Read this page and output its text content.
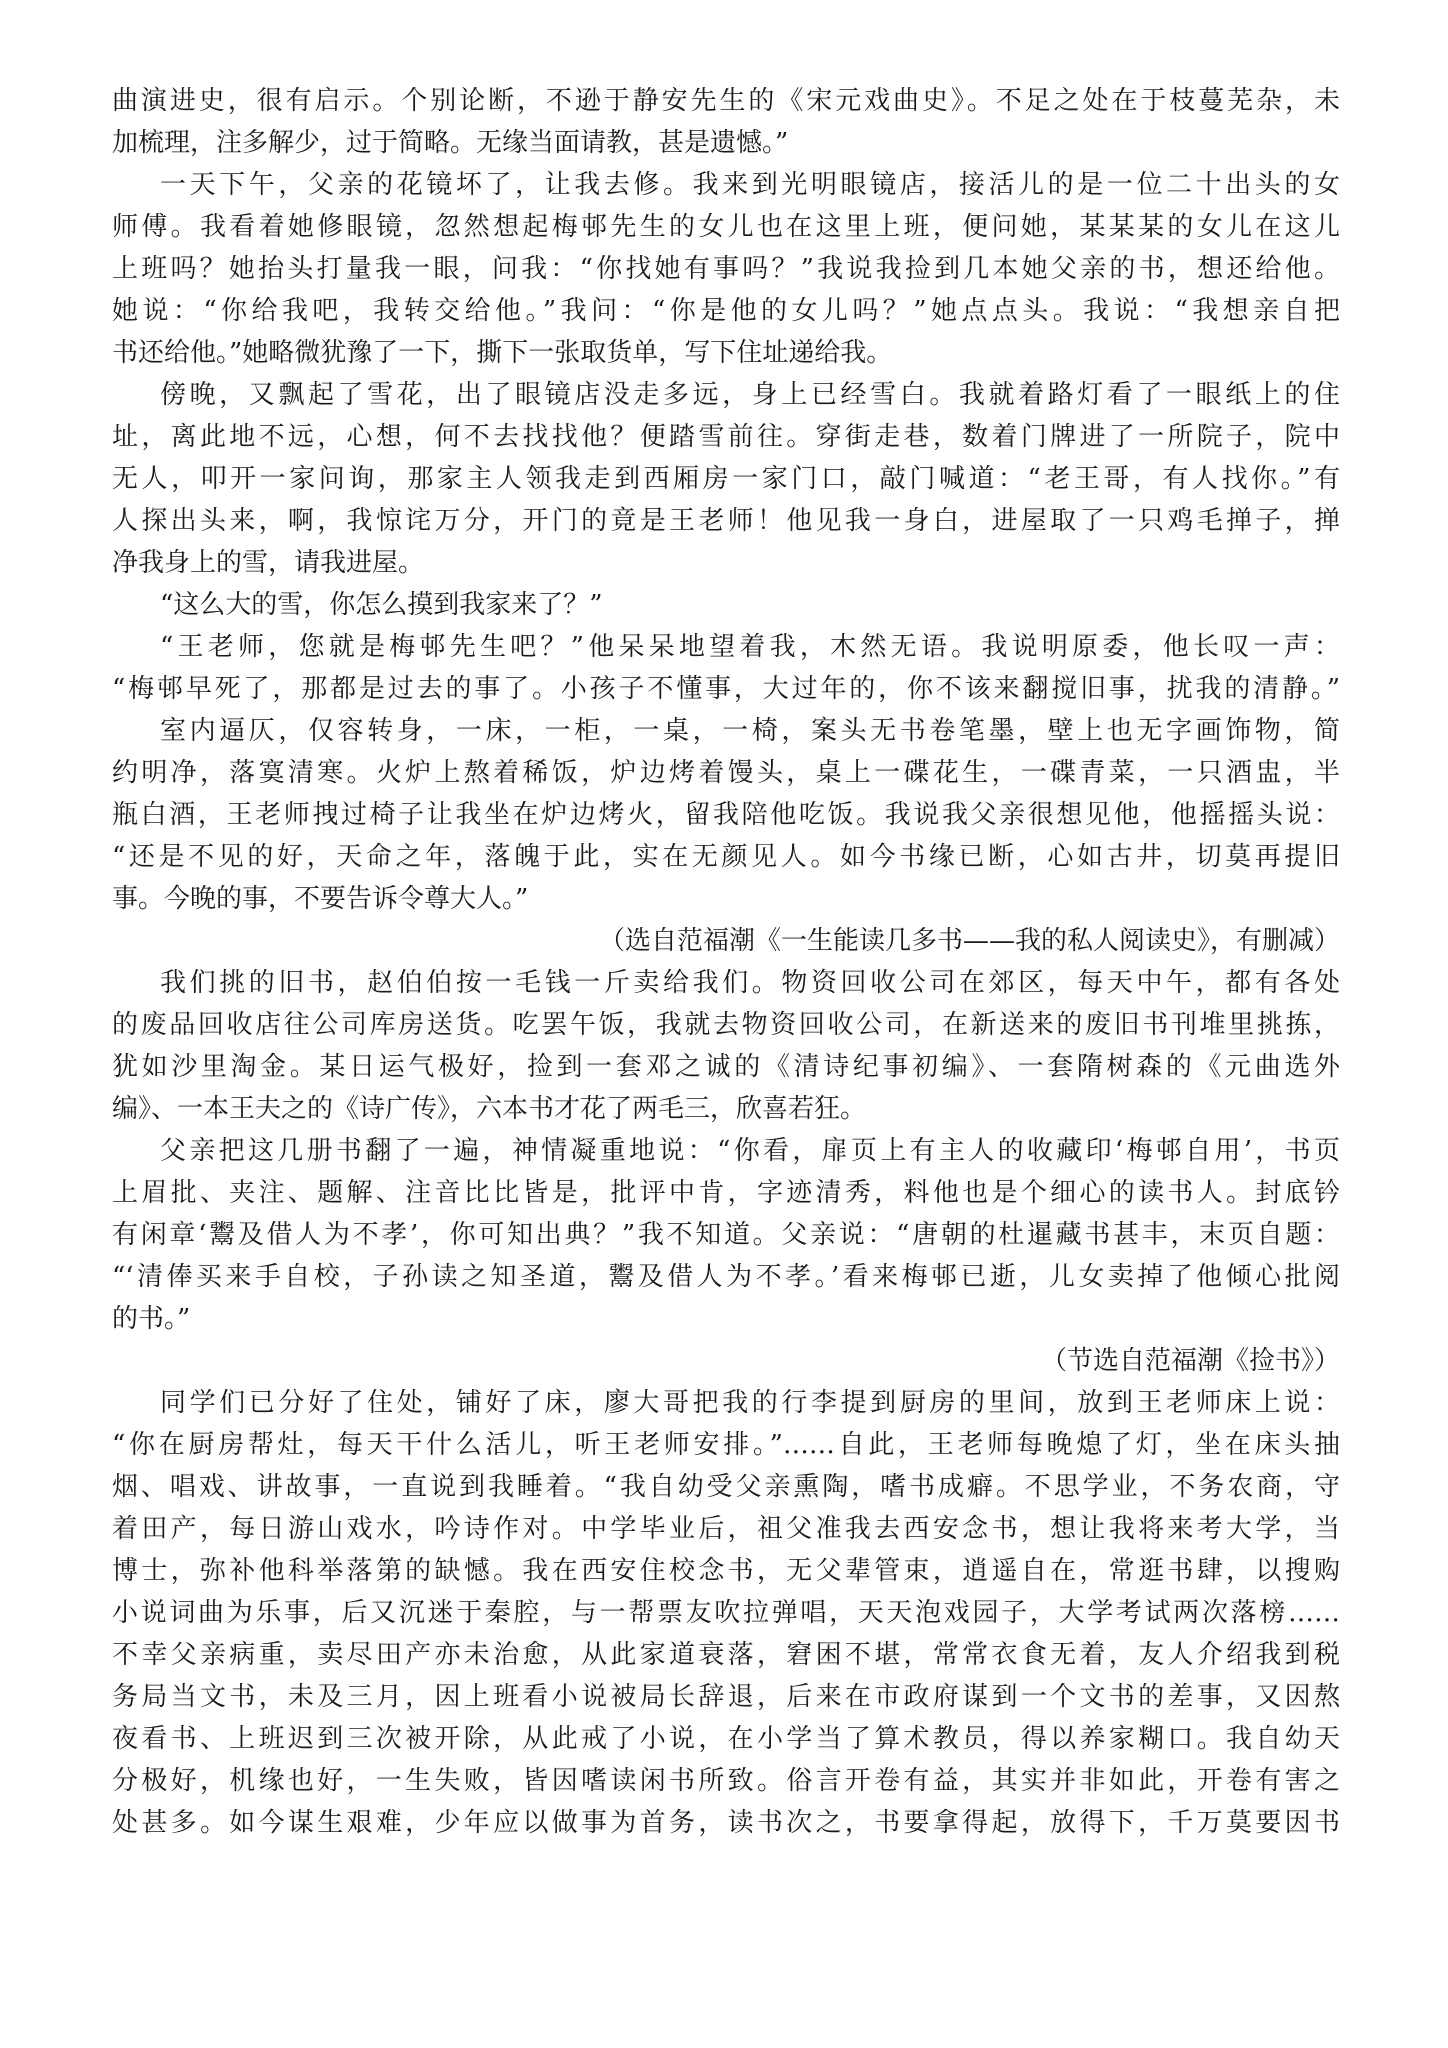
曲演进史，很有启示。个别论断，不逊于静安先生的《宋元戏曲史》。不足之处在于枝蔓芜杂，未
加梳理，注多解少，过于简略。无缘当面请教，甚是遗憾。”
一天下午，父亲的花镜坏了，让我去修。我来到光明眼镜店，接活儿的是一位二十出头的女
师傅。我看着她修眼镜，忽然想起梅邨先生的女儿也在这里上班，便问她，某某某的女儿在这儿
上班吗？她抬头打量我一眼，问我：“你找她有事吗？”我说我捡到几本她父亲的书，想还给他。
她说：“你给我吧，我转交给他。”我问：“你是他的女儿吗？”她点点头。我说：“我想亲自把
书还给他。”她略微犹豫了一下，撕下一张取货单，写下住址递给我。
傍晚，又飘起了雪花，出了眼镜店没走多远，身上已经雪白。我就着路灯看了一眼纸上的住
址，离此地不远，心想，何不去找找他？便踏雪前往。穿街走巷，数着门牌进了一所院子，院中
无人，叩开一家问询，那家主人领我走到西厢房一家门口，敲门喊道：“老王哥，有人找你。”有
人探出头来，啊，我惊诧万分，开门的竟是王老师！他见我一身白，进屋取了一只鸡毛掸子，掸
净我身上的雪，请我进屋。
“这么大的雪，你怎么摸到我家来了？”
“王老师，您就是梅邨先生吧？”他呆呆地望着我，木然无语。我说明原委，他长叹一声：
“梅邨早死了，那都是过去的事了。小孩子不懂事，大过年的，你不该来翻搅旧事，扰我的清静。”
室内逼仄，仅容转身，一床，一柜，一桌，一椅，案头无书卷笔墨，壁上也无字画饰物，简
约明净，落寞清寒。火炉上熬着稀饭，炉边烤着馒头，桌上一碟花生，一碟青菜，一只酒盅，半
瓶白酒，王老师拽过椅子让我坐在炉边烤火，留我陪他吃饭。我说我父亲很想见他，他摇摇头说：
“还是不见的好，天命之年，落魄于此，实在无颜见人。如今书缘已断，心如古井，切莫再提旧
事。今晚的事，不要告诉令尊大人。”
（选自范福潮《一生能读几多书——我的私人阅读史》，有删减）
我们挑的旧书，赵伯伯按一毛钱一斤卖给我们。物资回收公司在郊区，每天中午，都有各处
的废品回收店往公司库房送货。吃罢午饭，我就去物资回收公司，在新送来的废旧书刊堆里挑拣，
犹如沙里淘金。某日运气极好，捡到一套邓之诚的《清诗纪事初编》、一套隋树森的《元曲选外
编》、一本王夫之的《诗广传》，六本书才花了两毛三，欣喜若狂。
父亲把这几册书翻了一遍，神情凝重地说：“你看，扉页上有主人的收藏印‘梅邨自用’，书页
上眉批、夹注、题解、注音比比皆是，批评中肯，字迹清秀，料他也是个细心的读书人。封底钤
有闲章‘鬻及借人为不孝’，你可知出典？”我不知道。父亲说：“唐朝的杜暹藏书甚丰，末页自题：
“‘清俸买来手自校，子孙读之知圣道，鬻及借人为不孝。’看来梅邨已逝，儿女卖掉了他倾心批阅
的书。”
（节选自范福潮《捡书》）
同学们已分好了住处，铺好了床，廖大哥把我的行李提到厨房的里间，放到王老师床上说：
“你在厨房帮灶，每天干什么活儿，听王老师安排。”……自此，王老师每晚熄了灯，坐在床头抽
烟、唱戏、讲故事，一直说到我睡着。“我自幼受父亲熏陶，嗜书成癖。不思学业，不务农商，守
着田产，每日游山戏水，吟诗作对。中学毕业后，祖父准我去西安念书，想让我将来考大学，当
博士，弥补他科举落第的缺憾。我在西安住校念书，无父辈管束，逍遥自在，常逛书肆，以搜购
小说词曲为乐事，后又沉迷于秦腔，与一帮票友吹拉弹唱，天天泡戏园子，大学考试两次落榜……
不幸父亲病重，卖尽田产亦未治愈，从此家道衰落，窘困不堪，常常衣食无着，友人介绍我到税
务局当文书，未及三月，因上班看小说被局长辞退，后来在市政府谋到一个文书的差事，又因熬
夜看书、上班迟到三次被开除，从此戒了小说，在小学当了算术教员，得以养家糊口。我自幼天
分极好，机缘也好，一生失败，皆因嗜读闲书所致。俗言开卷有益，其实并非如此，开卷有害之
处甚多。如今谋生艰难，少年应以做事为首务，读书次之，书要拿得起，放得下，千万莫要因书
